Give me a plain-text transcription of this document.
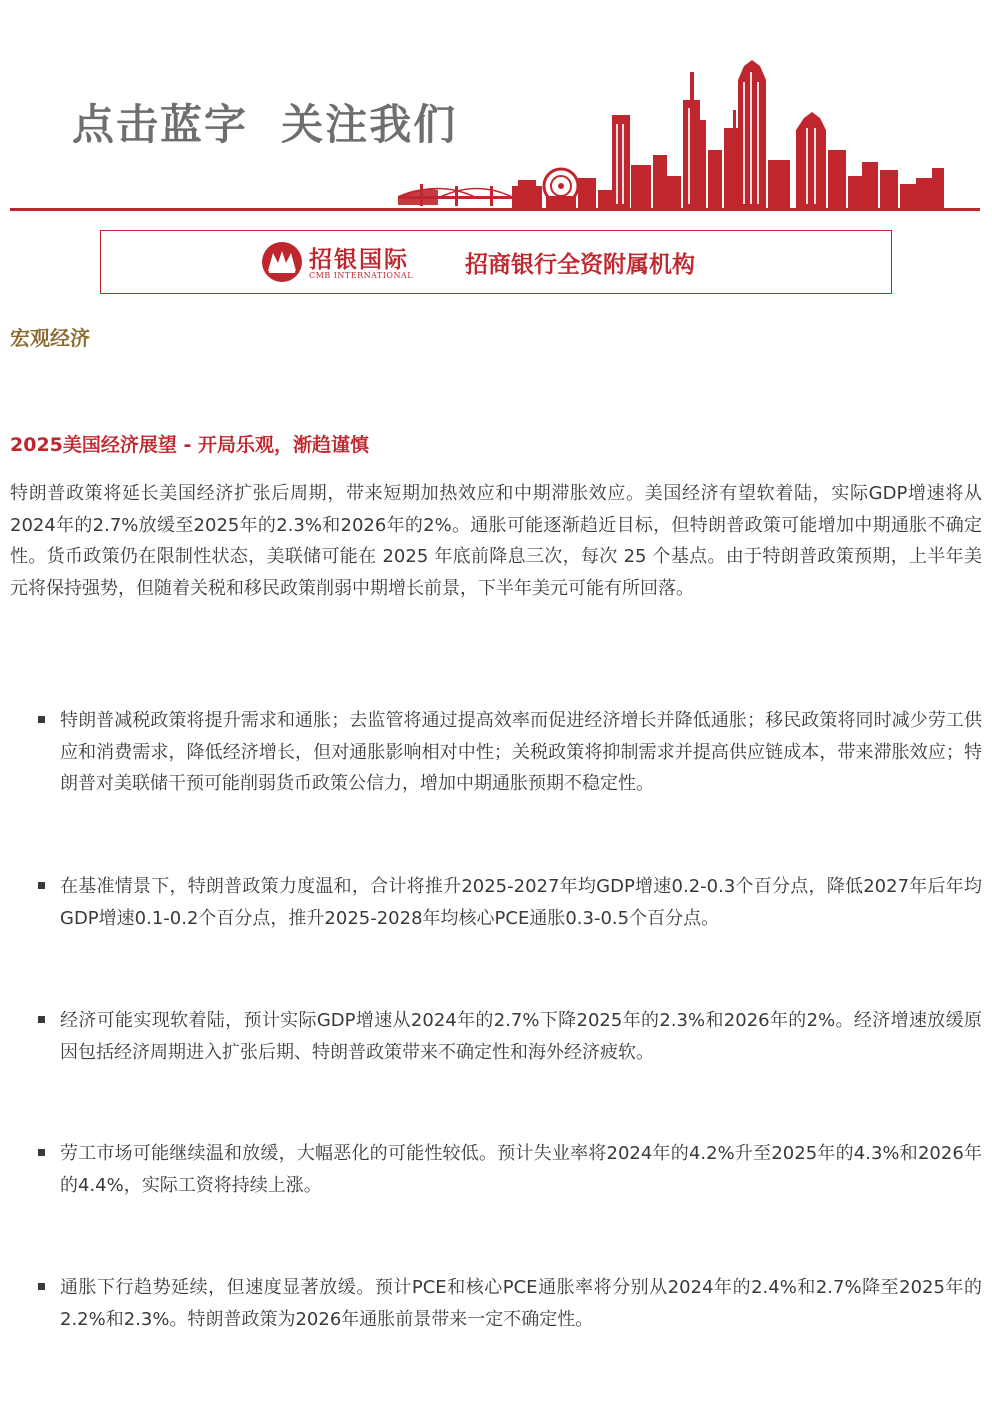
点击蓝字  关注我们
招银国际
CMB INTERNATIONAL 招商银行全资附属机构
宏观经济
2025美国经济展望 - 开局乐观，渐趋谨慎
特朗普政策将延长美国经济扩张后周期，带来短期加热效应和中期滞胀效应。美国经济有望软着陆，实际GDP增速将从2024年的2.7%放缓至2025年的2.3%和2026年的2%。通胀可能逐渐趋近目标，但特朗普政策可能增加中期通胀不确定性。货币政策仍在限制性状态，美联储可能在 2025 年底前降息三次，每次 25 个基点。由于特朗普政策预期，上半年美元将保持强势，但随着关税和移民政策削弱中期增长前景，下半年美元可能有所回落。
特朗普减税政策将提升需求和通胀；去监管将通过提高效率而促进经济增长并降低通胀；移民政策将同时减少劳工供应和消费需求，降低经济增长，但对通胀影响相对中性；关税政策将抑制需求并提高供应链成本，带来滞胀效应；特朗普对美联储干预可能削弱货币政策公信力，增加中期通胀预期不稳定性。
在基准情景下，特朗普政策力度温和，合计将推升2025-2027年均GDP增速0.2-0.3个百分点，降低2027年后年均GDP增速0.1-0.2个百分点，推升2025-2028年均核心PCE通胀0.3-0.5个百分点。
经济可能实现软着陆，预计实际GDP增速从2024年的2.7%下降2025年的2.3%和2026年的2%。经济增速放缓原因包括经济周期进入扩张后期、特朗普政策带来不确定性和海外经济疲软。
劳工市场可能继续温和放缓，大幅恶化的可能性较低。预计失业率将2024年的4.2%升至2025年的4.3%和2026年的4.4%，实际工资将持续上涨。
通胀下行趋势延续，但速度显著放缓。预计PCE和核心PCE通胀率将分别从2024年的2.4%和2.7%降至2025年的2.2%和2.3%。特朗普政策为2026年通胀前景带来一定不确定性。
